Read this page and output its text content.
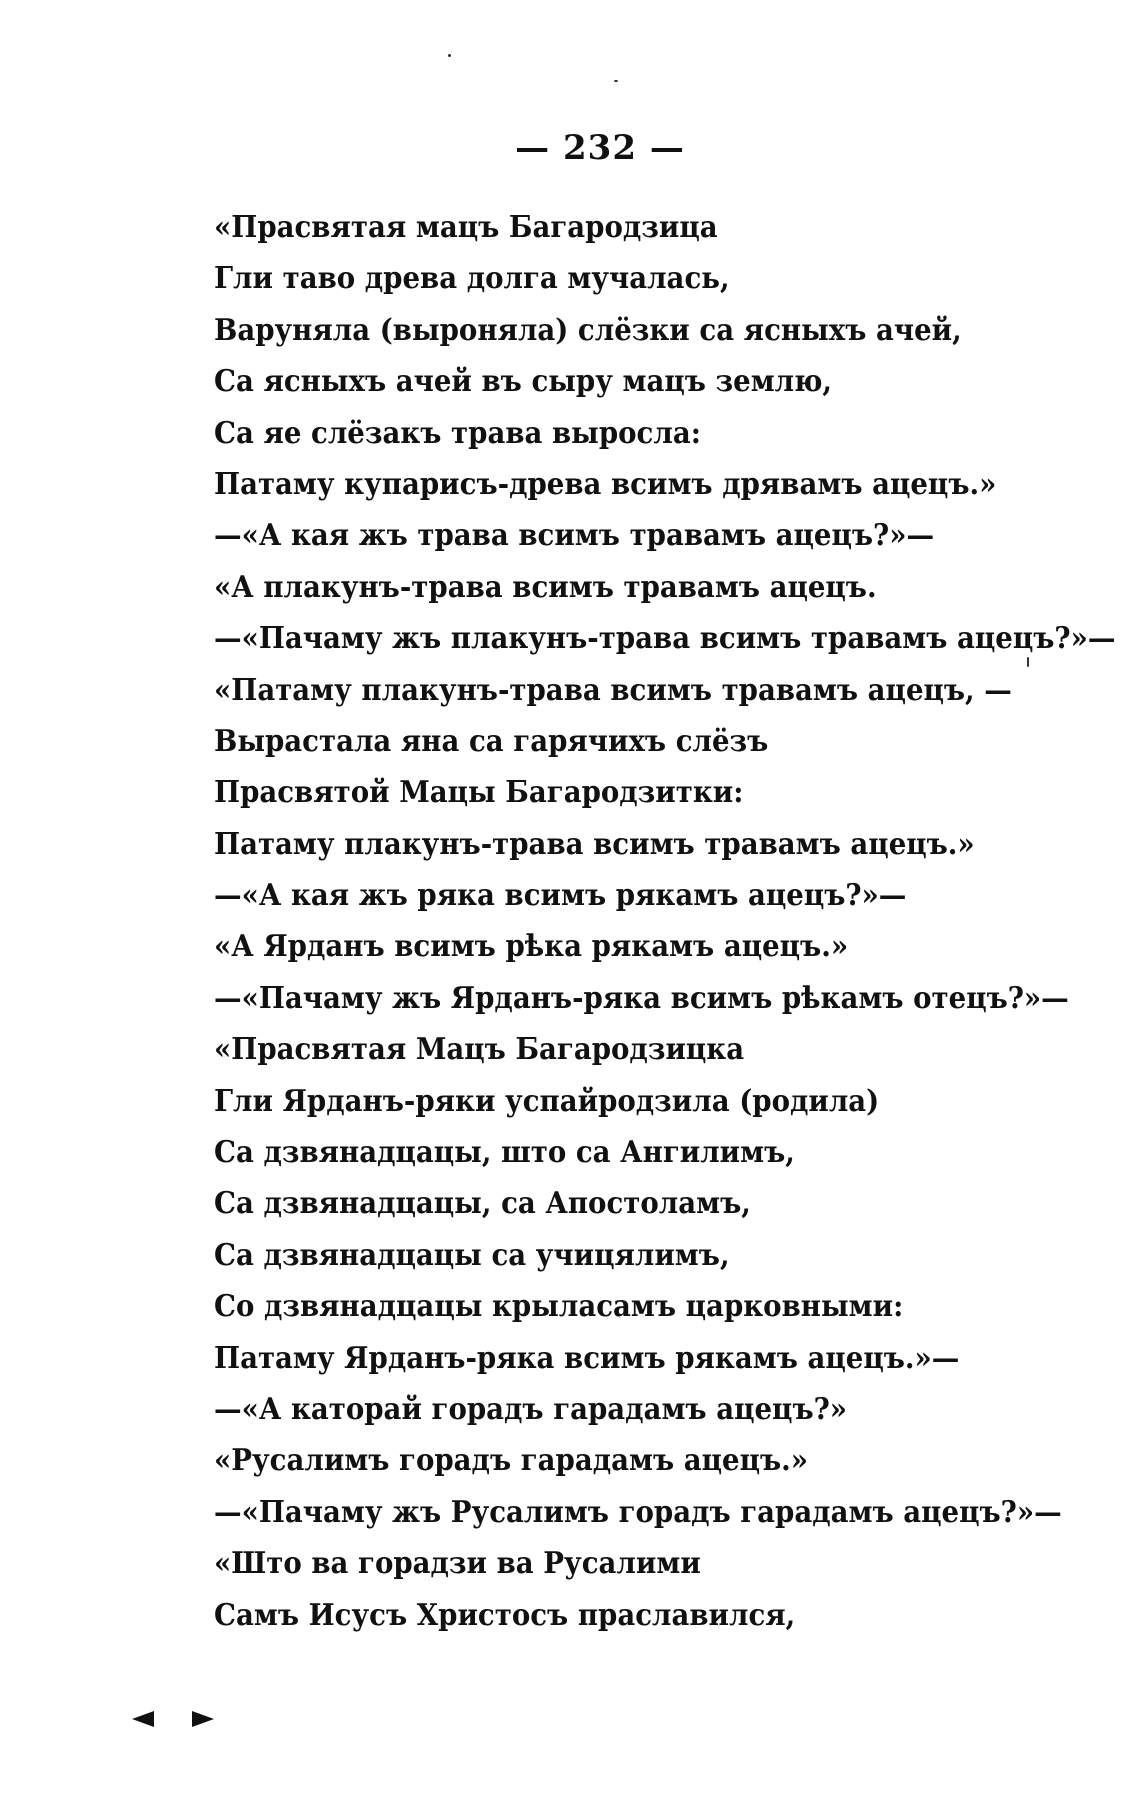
— 232 —
«Прасвятая мацъ Багародзица
Гли таво древа долга мучалась,
Варуняла (выроняла) слёзки са ясныхъ ачей,
Са ясныхъ ачей въ сыру мацъ землю,
Са яе слёзакъ трава выросла:
Патаму купарисъ-древа всимъ дрявамъ ацецъ.»
—«А кая жъ трава всимъ травамъ ацецъ?»—
«А плакунъ-трава всимъ травамъ ацецъ.
—«Пачаму жъ плакунъ-трава всимъ травамъ ацецъ?»—
«Патаму плакунъ-трава всимъ травамъ ацецъ, —
Вырастала яна са гарячихъ слёзъ
Прасвятой Мацы Багародзитки:
Патаму плакунъ-трава всимъ травамъ ацецъ.»
—«А кая жъ ряка всимъ рякамъ ацецъ?»—
«А Ярданъ всимъ рѣка рякамъ ацецъ.»
—«Пачаму жъ Ярданъ-ряка всимъ рѣкамъ отецъ?»—
«Прасвятая Мацъ Багародзицка
Гли Ярданъ-ряки успайродзила (родила)
Са дзвянадцацы, што са Ангилимъ,
Са дзвянадцацы, са Апостоламъ,
Са дзвянадцацы са учицялимъ,
Со дзвянадцацы крыласамъ царковными:
Патаму Ярданъ-ряка всимъ рякамъ ацецъ.»—
—«А каторай горадъ гарадамъ ацецъ?»
«Русалимъ горадъ гарадамъ ацецъ.»
—«Пачаму жъ Русалимъ горадъ гарадамъ ацецъ?»—
«Што ва горадзи ва Русалими
Самъ Исусъ Христосъ праславился,
